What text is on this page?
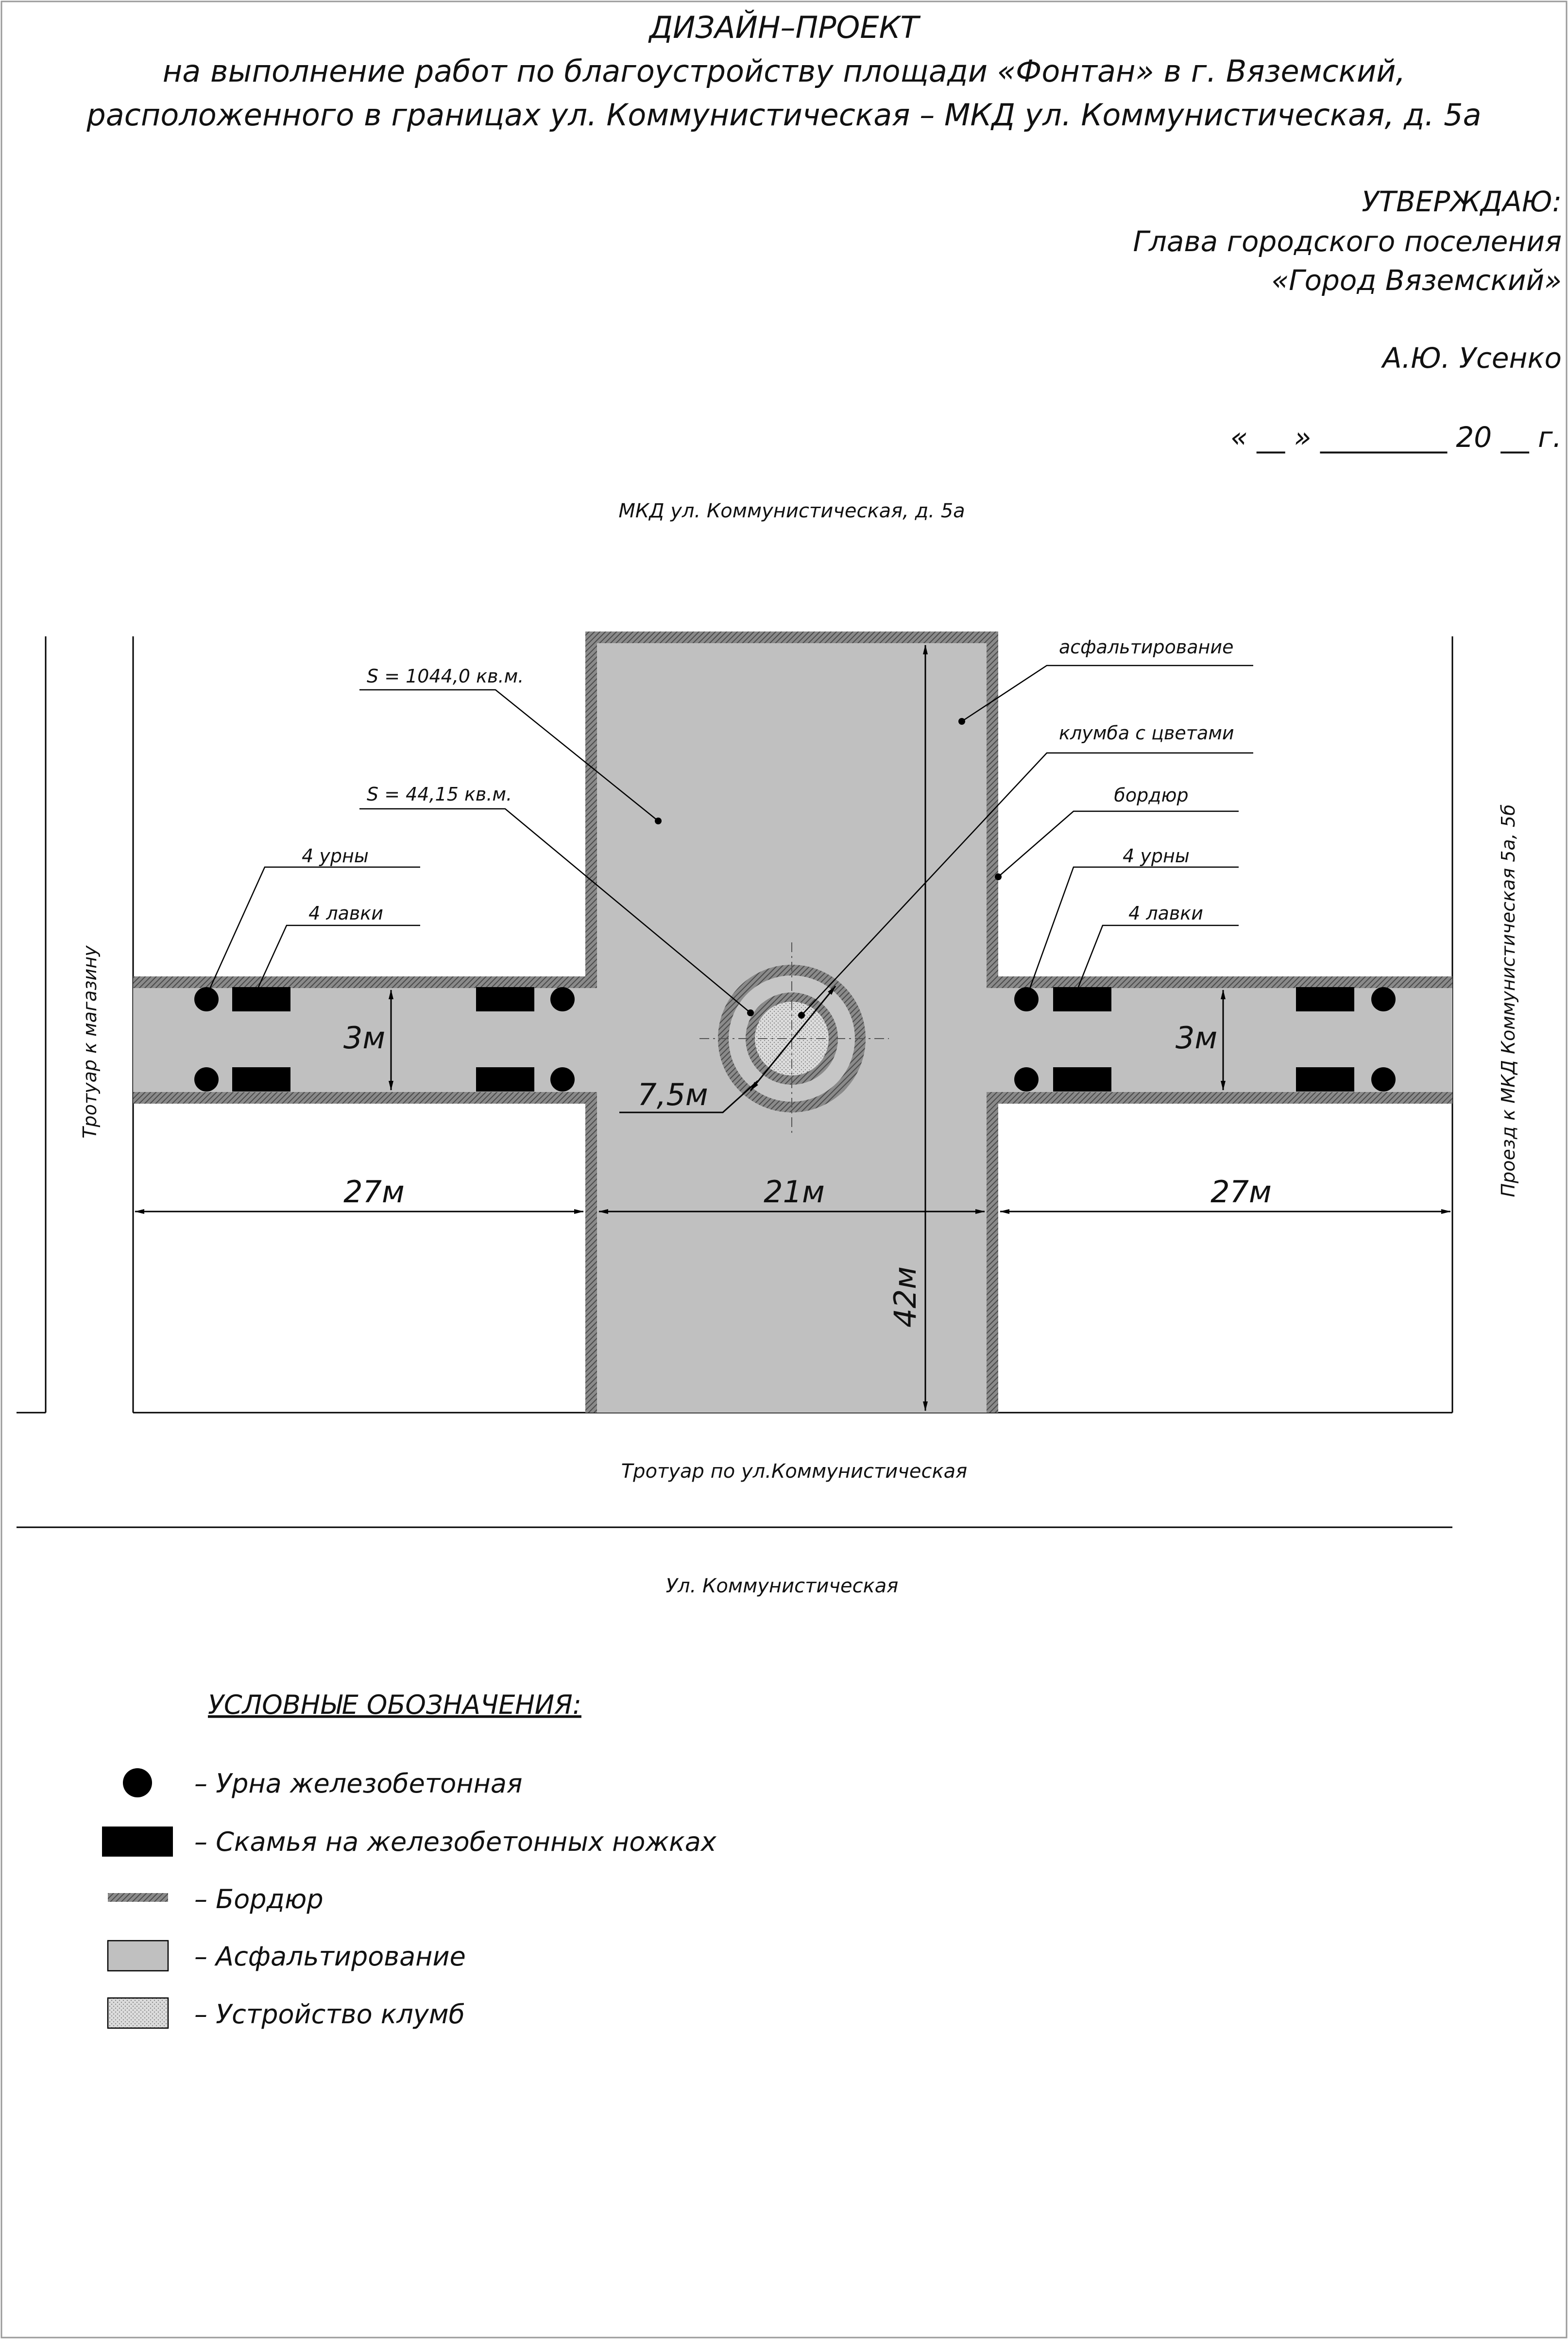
ДИЗАЙН–ПРОЕКТ
на выполнение работ по благоустройству площади «Фонтан» в г. Вяземский,
расположенного в границах ул. Коммунистическая – МКД ул. Коммунистическая, д. 5а
УТВЕРЖДАЮ:
Глава городского поселения
«Город Вяземский»
А.Ю. Усенко
« __ » _________ 20 __ г.
МКД ул. Коммунистическая, д. 5а
27м	21м	27м
3м	3м
7,5м
42м
S = 1044,0 кв.м.
S = 44,15 кв.м.
4 урны
4 лавки
асфальтирование
клумба с цветами
бордюр
4 урны
4 лавки
Тротуар к магазину	Проезд к МКД Коммунистическая 5а, 5б
Тротуар по ул.Коммунистическая
Ул. Коммунистическая
УСЛОВНЫЕ ОБОЗНАЧЕНИЯ:
– Урна железобетонная
– Скамья на железобетонных ножках
– Бордюр
– Асфальтирование
– Устройство клумб
